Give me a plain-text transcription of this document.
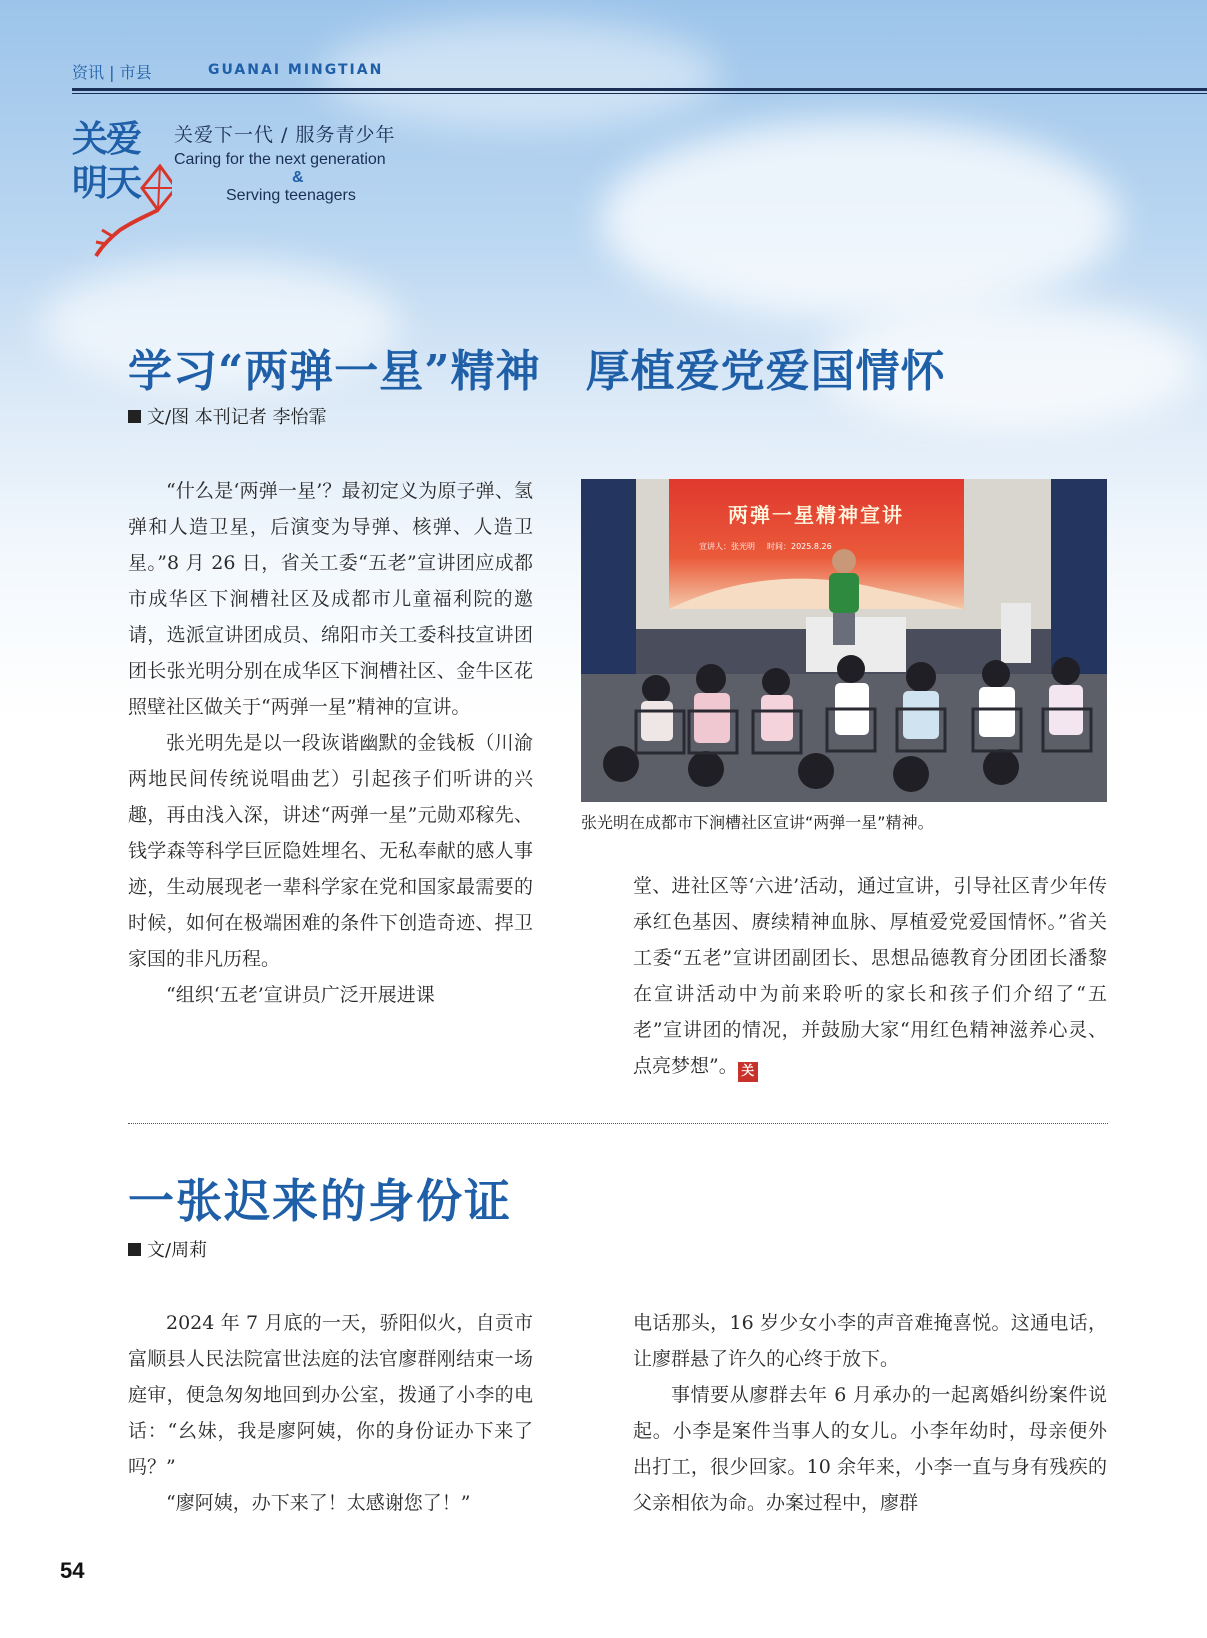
资讯 | 市县	GUANAI MINGTIAN
关爱
明天
关爱下一代 / 服务青少年
Caring for the next generation
&
Serving teenagers
学习“两弹一星”精神　厚植爱党爱国情怀
文/图 本刊记者 李怡霏

“什么是‘两弹一星’？最初定义为原子弹、氢弹和人造卫星，后演变为导弹、核弹、人造卫星。”8 月 26 日，省关工委“五老”宣讲团应成都市成华区下涧槽社区及成都市儿童福利院的邀请，选派宣讲团成员、绵阳市关工委科技宣讲团团长张光明分别在成华区下涧槽社区、金牛区花照壁社区做关于“两弹一星”精神的宣讲。

张光明先是以一段诙谐幽默的金钱板（川渝两地民间传统说唱曲艺）引起孩子们听讲的兴趣，再由浅入深，讲述“两弹一星”元勋邓稼先、钱学森等科学巨匠隐姓埋名、无私奉献的感人事迹，生动展现老一辈科学家在党和国家最需要的时候，如何在极端困难的条件下创造奇迹、捍卫家国的非凡历程。

“组织‘五老’宣讲员广泛开展进课

两弹一星精神宣讲
宣讲人：张光明 时间：2025.8.26
张光明在成都市下涧槽社区宣讲“两弹一星”精神。

堂、进社区等‘六进’活动，通过宣讲，引导社区青少年传承红色基因、赓续精神血脉、厚植爱党爱国情怀。”省关工委“五老”宣讲团副团长、思想品德教育分团团长潘黎在宣讲活动中为前来聆听的家长和孩子们介绍了“五老”宣讲团的情况，并鼓励大家“用红色精神滋养心灵、点亮梦想”。 关

一张迟来的身份证
文/周莉

2024 年 7 月底的一天，骄阳似火，自贡市富顺县人民法院富世法庭的法官廖群刚结束一场庭审，便急匆匆地回到办公室，拨通了小李的电话：“幺妹，我是廖阿姨，你的身份证办下来了吗？”

“廖阿姨，办下来了！太感谢您了！”

电话那头，16 岁少女小李的声音难掩喜悦。这通电话，让廖群悬了许久的心终于放下。

事情要从廖群去年 6 月承办的一起离婚纠纷案件说起。小李是案件当事人的女儿。小李年幼时，母亲便外出打工，很少回家。10 余年来，小李一直与身有残疾的父亲相依为命。办案过程中，廖群

54
